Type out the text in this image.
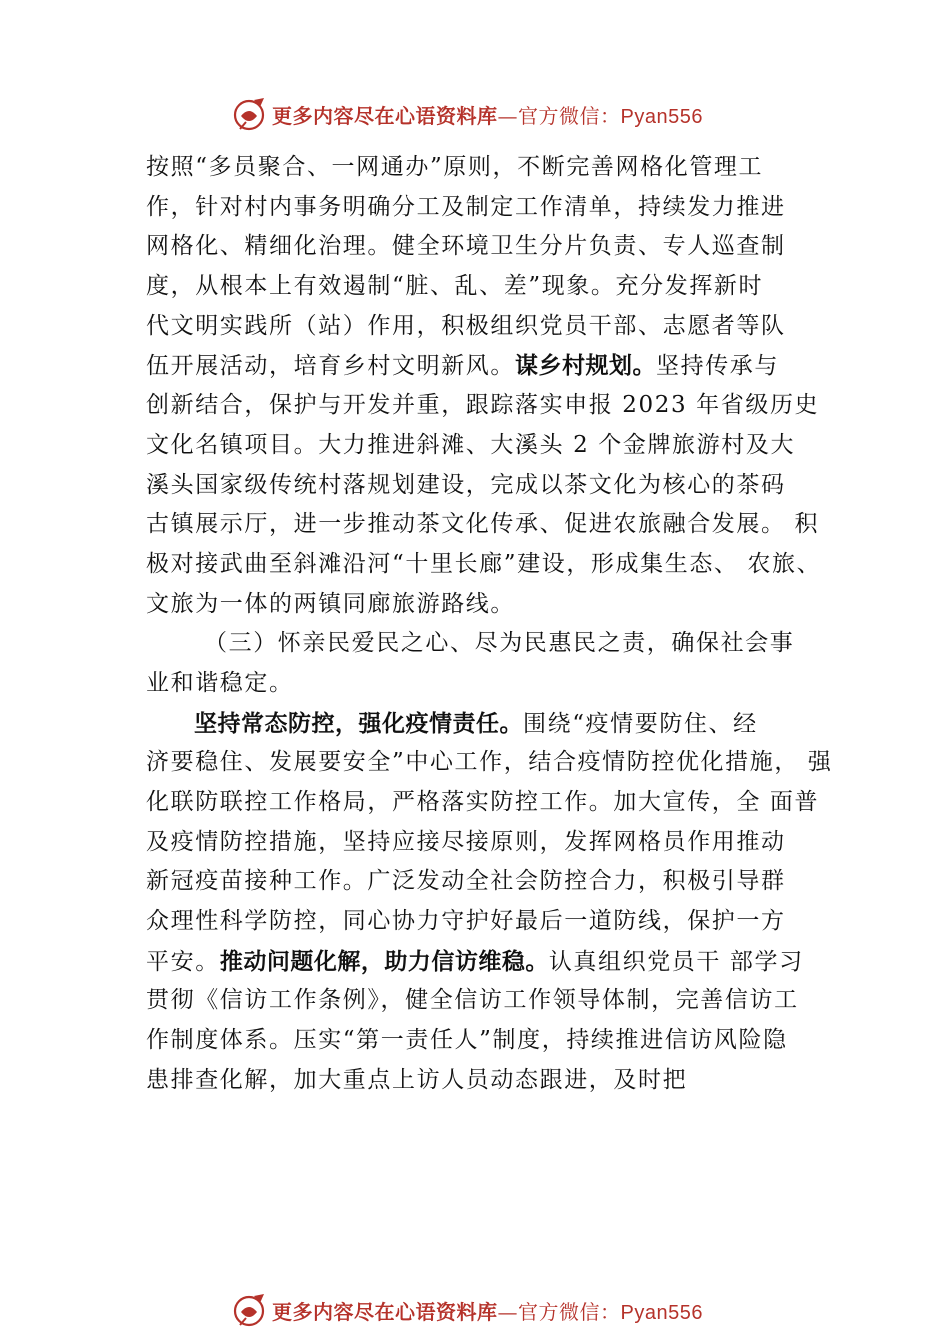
更多内容尽在心语资料库—官方微信：Pyan556
按照“多员聚合、一网通办”原则，不断完善网格化管理工
作，针对村内事务明确分工及制定工作清单，持续发力推进
网格化、精细化治理。健全环境卫生分片负责、专人巡查制
度，从根本上有效遏制“脏、乱、差”现象。充分发挥新时
代文明实践所（站）作用，积极组织党员干部、志愿者等队
伍开展活动，培育乡村文明新风。谋乡村规划。坚持传承与
创新结合，保护与开发并重，跟踪落实申报 2023 年省级历史
文化名镇项目。大力推进斜滩、大溪头 2 个金牌旅游村及大
溪头国家级传统村落规划建设，完成以茶文化为核心的茶码
古镇展示厅，进一步推动茶文化传承、促进农旅融合发展。 积
极对接武曲至斜滩沿河“十里长廊”建设，形成集生态、 农旅、
文旅为一体的两镇同廊旅游路线。
（三）怀亲民爱民之心、尽为民惠民之责，确保社会事
业和谐稳定。
坚持常态防控，强化疫情责任。围绕“疫情要防住、经
济要稳住、发展要安全”中心工作，结合疫情防控优化措施， 强
化联防联控工作格局，严格落实防控工作。加大宣传，全 面普
及疫情防控措施，坚持应接尽接原则，发挥网格员作用推动
新冠疫苗接种工作。广泛发动全社会防控合力，积极引导群
众理性科学防控，同心协力守护好最后一道防线，保护一方
平安。推动问题化解，助力信访维稳。认真组织党员干 部学习
贯彻《信访工作条例》，健全信访工作领导体制，完善信访工
作制度体系。压实“第一责任人”制度，持续推进信访风险隐
患排查化解，加大重点上访人员动态跟进，及时把
更多内容尽在心语资料库—官方微信：Pyan556
